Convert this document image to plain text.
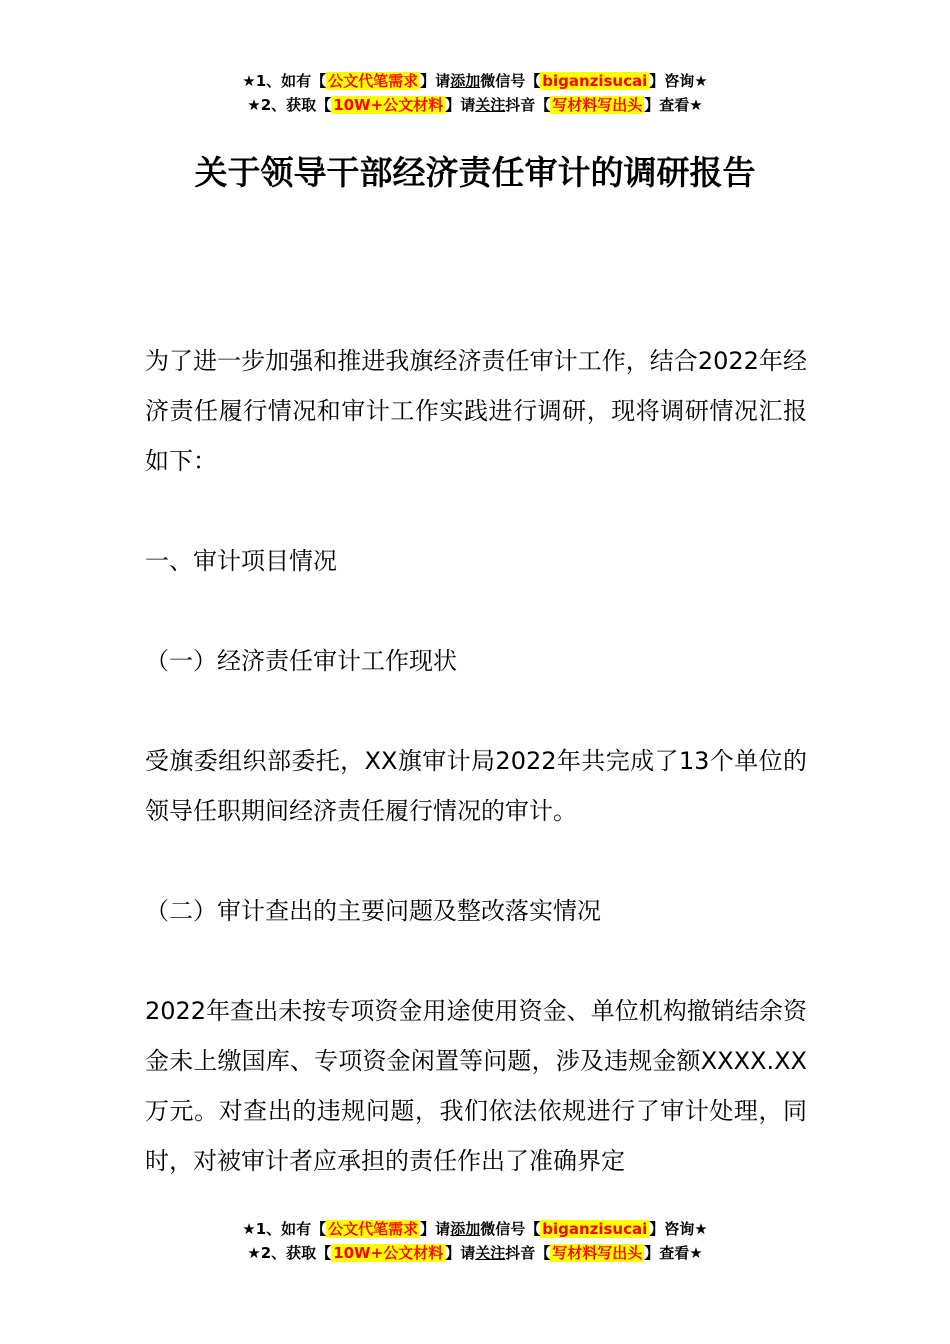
★1、如有【 公文代笔需求 】请添加微信号【 biganzisucai 】咨询★
★2、获取【 10W+公文材料 】请关注抖音【 写材料写出头 】查看★
关于领导干部经济责任审计的调研报告

为了进一步加强和推进我旗经济责任审计工作，结合2022年经济责任履行情况和审计工作实践进行调研，现将调研情况汇报如下：

一、审计项目情况

（一）经济责任审计工作现状

受旗委组织部委托，XX旗审计局2022年共完成了13个单位的领导任职期间经济责任履行情况的审计。

（二）审计查出的主要问题及整改落实情况

2022年查出未按专项资金用途使用资金、单位机构撤销结余资金未上缴国库、专项资金闲置等问题，涉及违规金额XXXX.XX万元。对查出的违规问题，我们依法依规进行了审计处理，同时，对被审计者应承担的责任作出了准确界定

★1、如有【 公文代笔需求 】请添加微信号【 biganzisucai 】咨询★
★2、获取【 10W+公文材料 】请关注抖音【 写材料写出头 】查看★
